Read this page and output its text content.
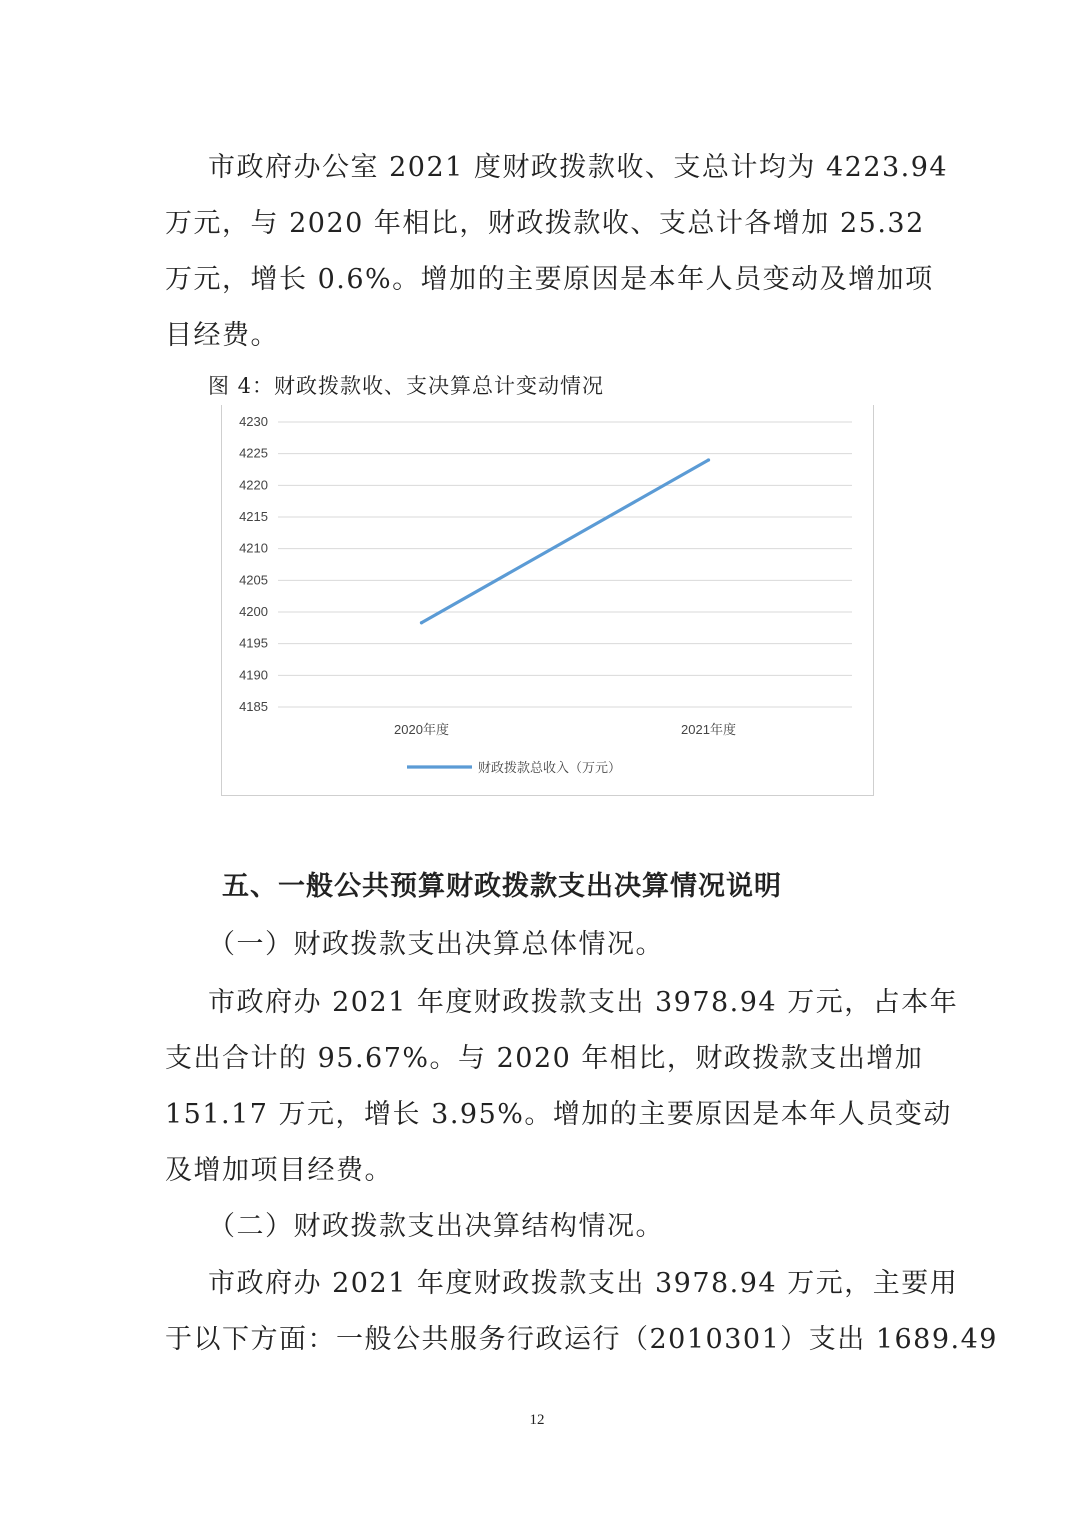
市政府办公室 2021 度财政拨款收、支总计均为 4223.94
万元，与 2020 年相比，财政拨款收、支总计各增加 25.32
万元，增长 0.6%。增加的主要原因是本年人员变动及增加项
目经费。
图 4：财政拨款收、支决算总计变动情况
4230
4225
4220
4215
4210
4205
4200
4195
4190
4185
2020年度	2021年度
财政拨款总收入（万元）
五、一般公共预算财政拨款支出决算情况说明
（一）财政拨款支出决算总体情况。
市政府办 2021 年度财政拨款支出 3978.94 万元，占本年
支出合计的 95.67%。与 2020 年相比，财政拨款支出增加
151.17 万元，增长 3.95%。增加的主要原因是本年人员变动
及增加项目经费。
（二）财政拨款支出决算结构情况。
市政府办 2021 年度财政拨款支出 3978.94 万元，主要用
于以下方面：一般公共服务行政运行（2010301）支出 1689.49
12
